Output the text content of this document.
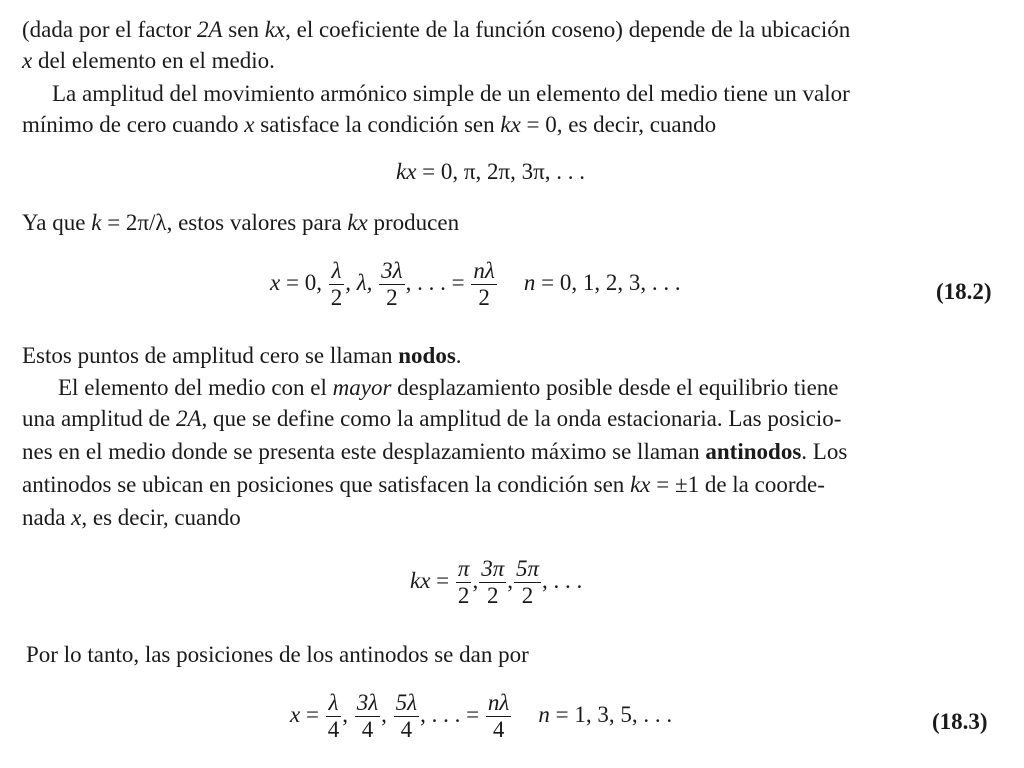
(dada por el factor 2A sen kx, el coeficiente de la función coseno) depende de la ubicación
x del elemento en el medio.
La amplitud del movimiento armónico simple de un elemento del medio tiene un valor
mínimo de cero cuando x satisface la condición sen kx = 0, es decir, cuando
kx = 0, π, 2π, 3π, . . .
Ya que k = 2π/λ, estos valores para kx producen
x = 0, $\frac{\lambda}{2}$ , λ, $\frac{3\lambda}{2}$ , . . . = $\frac{n\lambda}{2}$ n = 0, 1, 2, 3, . . .	(18.2)
Estos puntos de amplitud cero se llaman nodos.
El elemento del medio con el mayor desplazamiento posible desde el equilibrio tiene
una amplitud de 2A, que se define como la amplitud de la onda estacionaria. Las posicio-
nes en el medio donde se presenta este desplazamiento máximo se llaman antinodos. Los
antinodos se ubican en posiciones que satisfacen la condición sen kx = ±1 de la coorde-
nada x, es decir, cuando
kx = $\frac{\pi}{2}$ , $\frac{3\pi}{2}$ , $\frac{5\pi}{2}$ , . . .
Por lo tanto, las posiciones de los antinodos se dan por
$x = \frac{\lambda}{4}$ , $\frac{3\lambda}{4}$ , $\frac{5\lambda}{4}$ , . . . = $\frac{n\lambda}{4}$ n = 1, 3, 5, . . .	(18.3)
